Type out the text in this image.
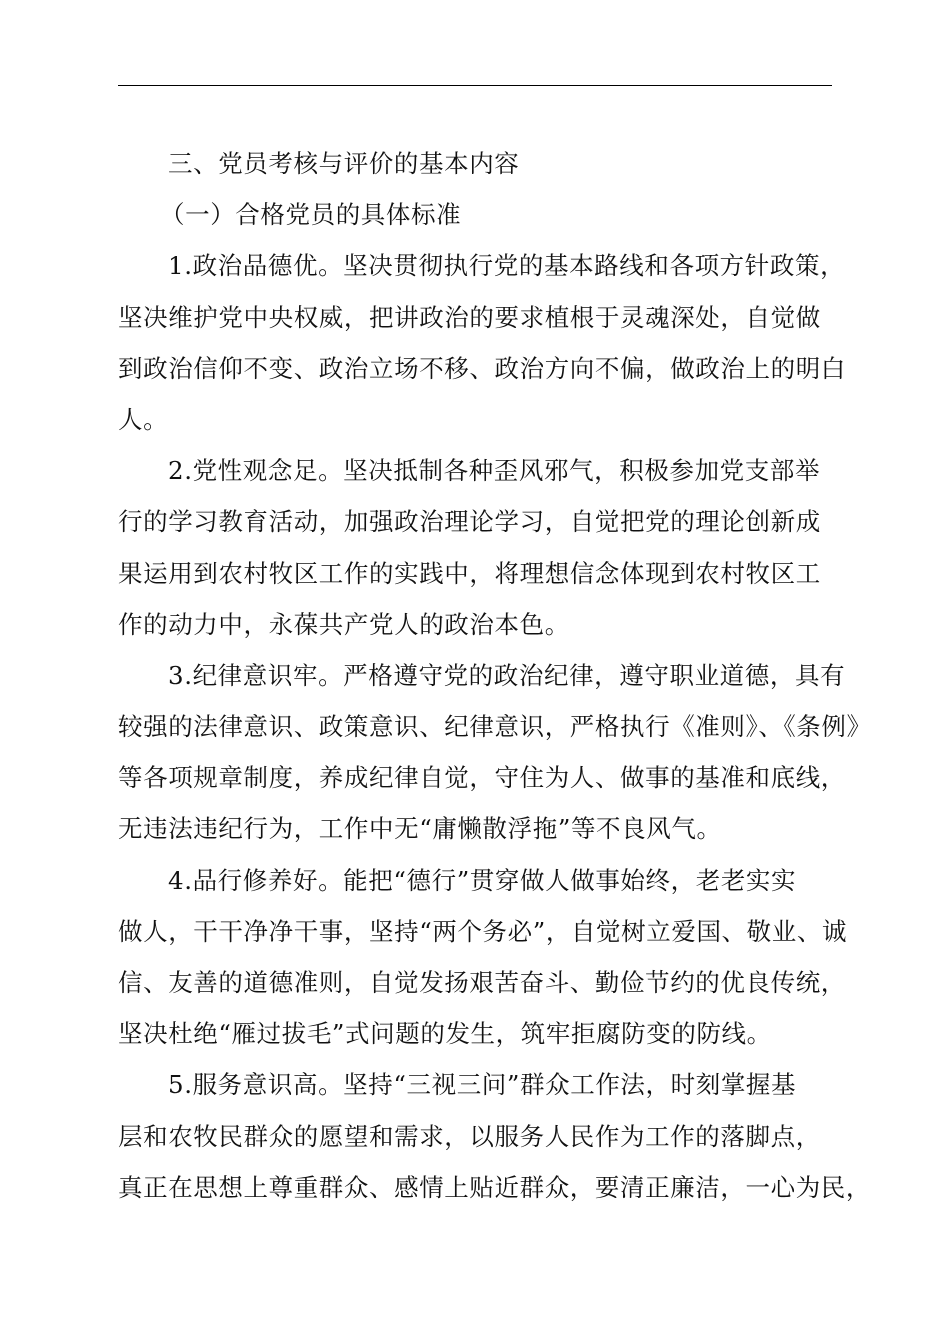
三、党员考核与评价的基本内容
（一）合格党员的具体标准
1.政治品德优。坚决贯彻执行党的基本路线和各项方针政策，
坚决维护党中央权威，把讲政治的要求植根于灵魂深处，自觉做
到政治信仰不变、政治立场不移、政治方向不偏，做政治上的明白
人。
2.党性观念足。坚决抵制各种歪风邪气，积极参加党支部举
行的学习教育活动，加强政治理论学习，自觉把党的理论创新成
果运用到农村牧区工作的实践中，将理想信念体现到农村牧区工
作的动力中，永葆共产党人的政治本色。
3.纪律意识牢。严格遵守党的政治纪律，遵守职业道德，具有
较强的法律意识、政策意识、纪律意识，严格执行《准则》、《条例》
等各项规章制度，养成纪律自觉，守住为人、做事的基准和底线，
无违法违纪行为，工作中无“庸懒散浮拖”等不良风气。
4.品行修养好。能把“德行”贯穿做人做事始终，老老实实
做人，干干净净干事，坚持“两个务必”，自觉树立爱国、敬业、诚
信、友善的道德准则，自觉发扬艰苦奋斗、勤俭节约的优良传统，
坚决杜绝“雁过拔毛”式问题的发生，筑牢拒腐防变的防线。
5.服务意识高。坚持“三视三问”群众工作法，时刻掌握基
层和农牧民群众的愿望和需求，以服务人民作为工作的落脚点，
真正在思想上尊重群众、感情上贴近群众，要清正廉洁，一心为民，
